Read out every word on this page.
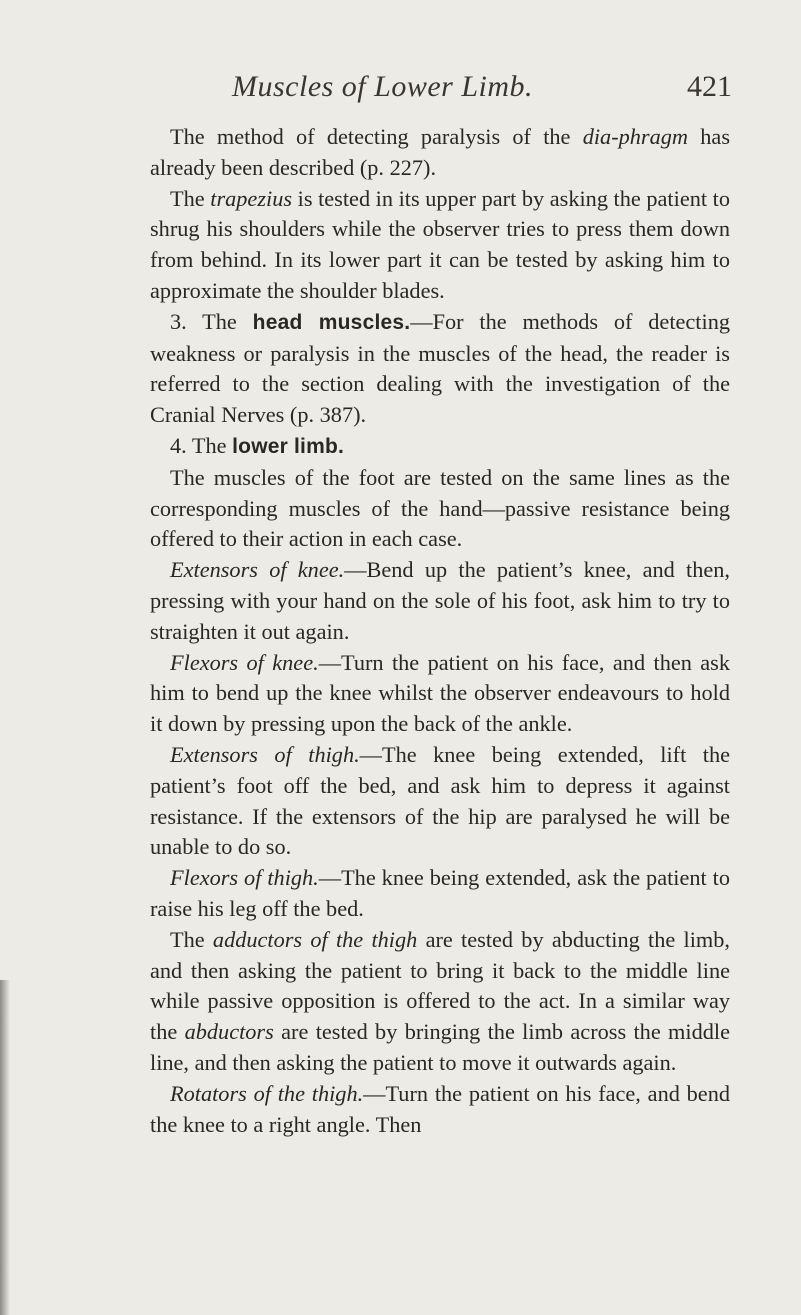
Muscles of Lower Limb.	421

The method of detecting paralysis of the dia-phragm has already been described (p. 227).

The trapezius is tested in its upper part by asking the patient to shrug his shoulders while the observer tries to press them down from behind. In its lower part it can be tested by asking him to approximate the shoulder blades.

3. The head muscles.—For the methods of detecting weakness or paralysis in the muscles of the head, the reader is referred to the section dealing with the investigation of the Cranial Nerves (p. 387).

4. The lower limb.

The muscles of the foot are tested on the same lines as the corresponding muscles of the hand—passive resistance being offered to their action in each case.

Extensors of knee.—Bend up the patient’s knee, and then, pressing with your hand on the sole of his foot, ask him to try to straighten it out again.

Flexors of knee.—Turn the patient on his face, and then ask him to bend up the knee whilst the observer endeavours to hold it down by pressing upon the back of the ankle.

Extensors of thigh.—The knee being extended, lift the patient’s foot off the bed, and ask him to depress it against resistance. If the extensors of the hip are paralysed he will be unable to do so.

Flexors of thigh.—The knee being extended, ask the patient to raise his leg off the bed.

The adductors of the thigh are tested by abducting the limb, and then asking the patient to bring it back to the middle line while passive opposition is offered to the act. In a similar way the abductors are tested by bringing the limb across the middle line, and then asking the patient to move it outwards again.

Rotators of the thigh.—Turn the patient on his face, and bend the knee to a right angle. Then
